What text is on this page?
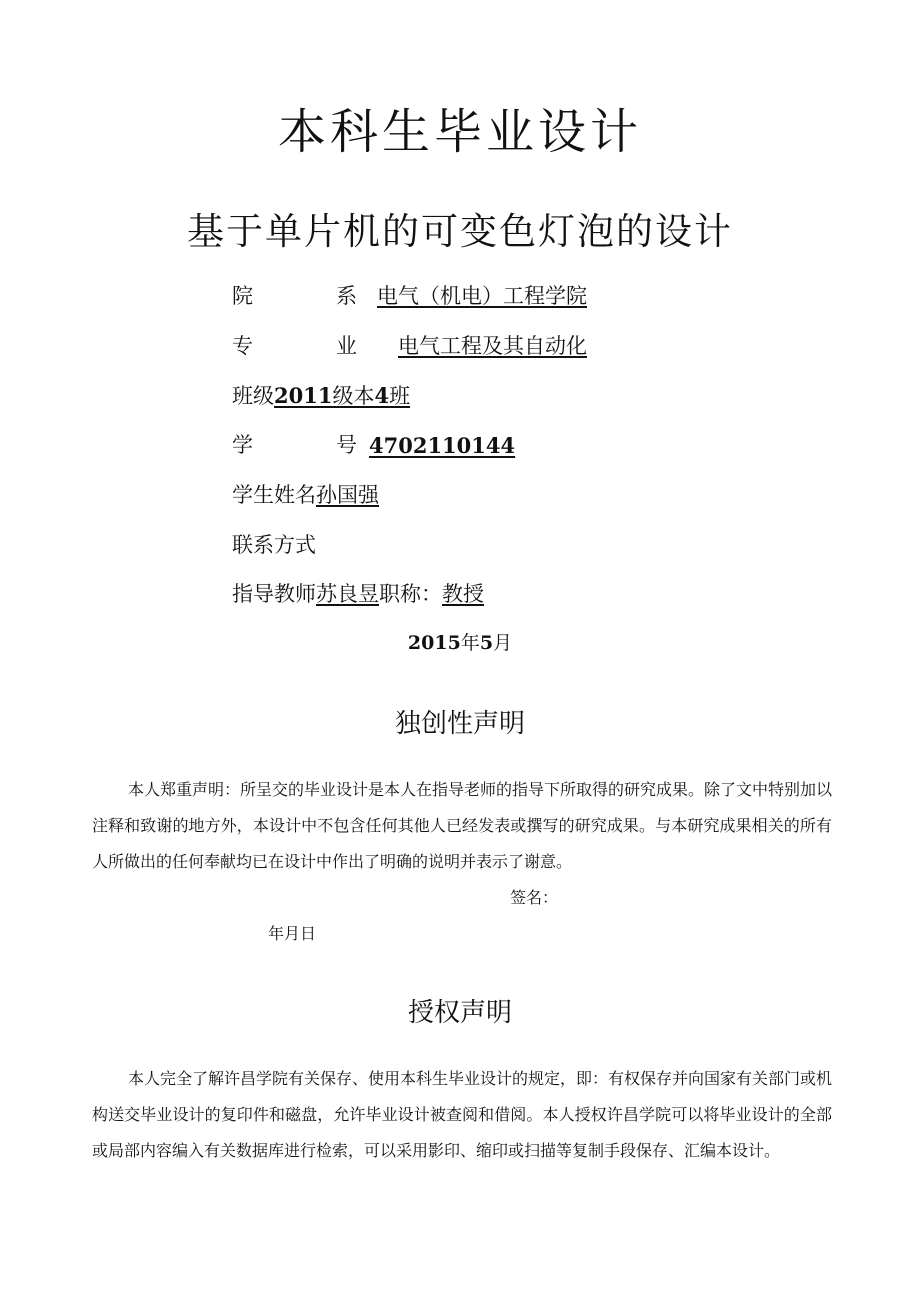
本科生毕业设计
基于单片机的可变色灯泡的设计
院	系 电气（机电）工程学院
专	业 电气工程及其自动化
班级2011级本4班
学	号 4702110144
学生姓名孙国强
联系方式
指导教师苏良昱职称：教授
2015年5月
独创性声明
本人郑重声明：所呈交的毕业设计是本人在指导老师的指导下所取得的研究成果。除了文中特别加以注释和致谢的地方外，本设计中不包含任何其他人已经发表或撰写的研究成果。与本研究成果相关的所有人所做出的任何奉献均已在设计中作出了明确的说明并表示了谢意。
签名：
年月日
授权声明
本人完全了解许昌学院有关保存、使用本科生毕业设计的规定，即：有权保存并向国家有关部门或机构送交毕业设计的复印件和磁盘，允许毕业设计被查阅和借阅。本人授权许昌学院可以将毕业设计的全部或局部内容编入有关数据库进行检索，可以采用影印、缩印或扫描等复制手段保存、汇编本设计。
